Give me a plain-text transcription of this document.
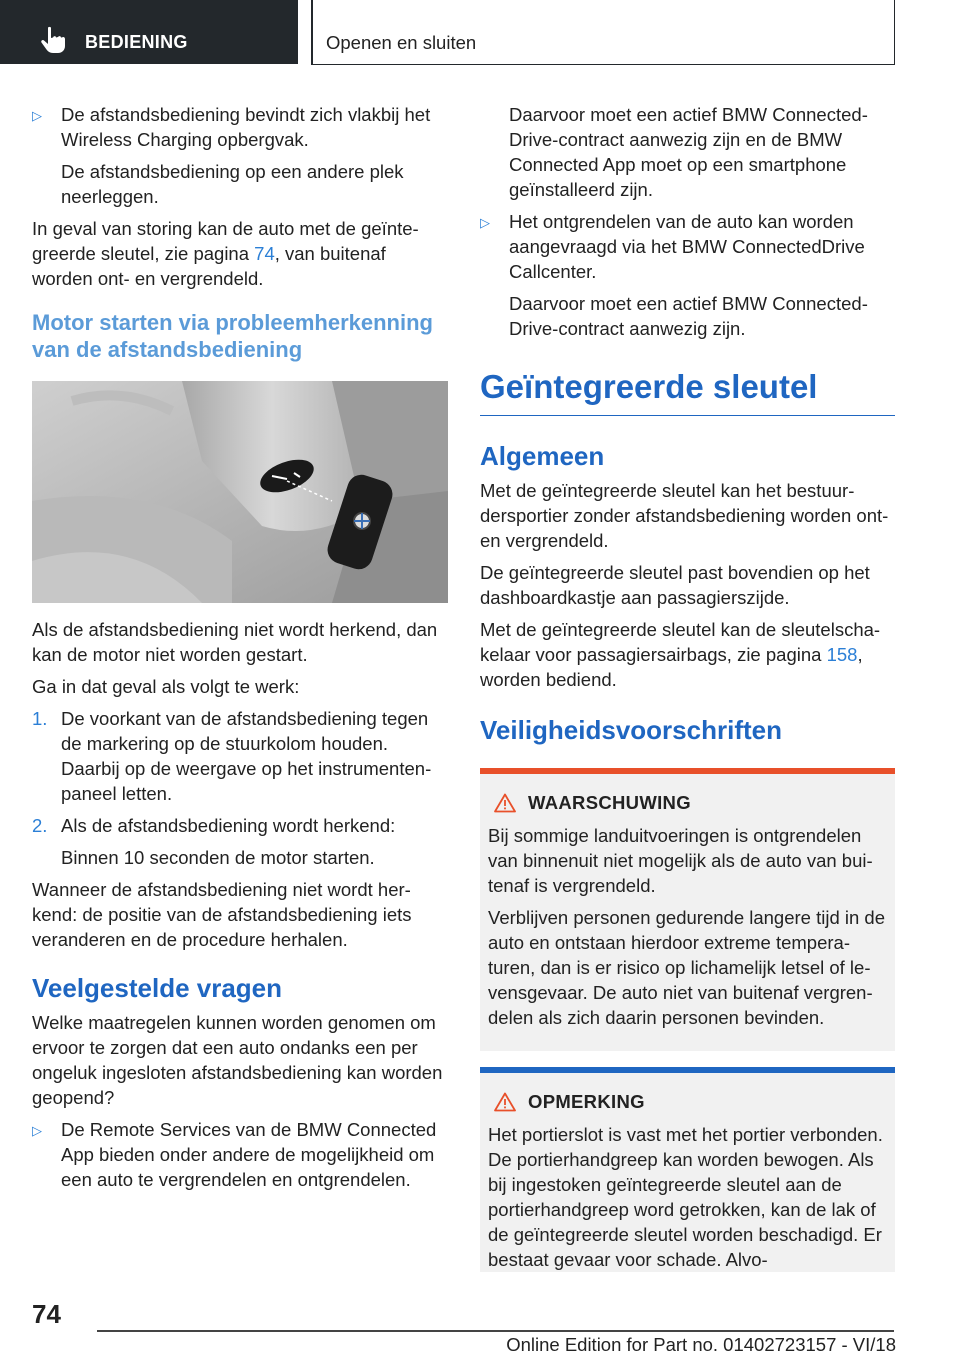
BEDIENING	Openen en sluiten
▷	De afstandsbediening bevindt zich vlakbij het Wireless Charging opbergvak.

De afstandsbediening op een andere plek neerleggen.

In geval van storing kan de auto met de geïntegreerde sleutel, zie pagina 74, van buitenaf worden ont- en vergrendeld.

Motor starten via probleemherkenning van de afstandsbediening

Als de afstandsbediening niet wordt herkend, dan kan de motor niet worden gestart.

Ga in dat geval als volgt te werk:

1. De voorkant van de afstandsbediening tegen de markering op de stuurkolom houden. Daarbij op de weergave op het instrumentenpaneel letten.
2. Als de afstandsbediening wordt herkend:

Binnen 10 seconden de motor starten.

Wanneer de afstandsbediening niet wordt herkend: de positie van de afstandsbediening iets veranderen en de procedure herhalen.

Veelgestelde vragen

Welke maatregelen kunnen worden genomen om ervoor te zorgen dat een auto ondanks een per ongeluk ingesloten afstandsbediening kan worden geopend?

▷	De Remote Services van de BMW Connected App bieden onder andere de mogelijkheid om een auto te vergrendelen en ontgrendelen.

Daarvoor moet een actief BMW ConnectedDrive-contract aanwezig zijn en de BMW Connected App moet op een smartphone geïnstalleerd zijn.

▷	Het ontgrendelen van de auto kan worden aangevraagd via het BMW ConnectedDrive Callcenter.

Daarvoor moet een actief BMW ConnectedDrive-contract aanwezig zijn.

Geïntegreerde sleutel
Algemeen

Met de geïntegreerde sleutel kan het bestuurdersportier zonder afstandsbediening worden ont- en vergrendeld.

De geïntegreerde sleutel past bovendien op het dashboardkastje aan passagierszijde.

Met de geïntegreerde sleutel kan de sleutelschakelaar voor passagiersairbags, zie pagina 158, worden bediend.

Veiligheidsvoorschriften
WAARSCHUWING

Bij sommige landuitvoeringen is ontgrendelen van binnenuit niet mogelijk als de auto van buitenaf is vergrendeld.

Verblijven personen gedurende langere tijd in de auto en ontstaan hierdoor extreme temperaturen, dan is er risico op lichamelijk letsel of levensgevaar. De auto niet van buitenaf vergrendelen als zich daarin personen bevinden.

OPMERKING

Het portierslot is vast met het portier verbonden. De portierhandgreep kan worden bewogen. Als bij ingestoken geïntegreerde sleutel aan de portierhandgreep word getrokken, kan de lak of de geïntegreerde sleutel worden beschadigd. Er bestaat gevaar voor schade. Alvo-

74
Online Edition for Part no. 01402723157 - VI/18
